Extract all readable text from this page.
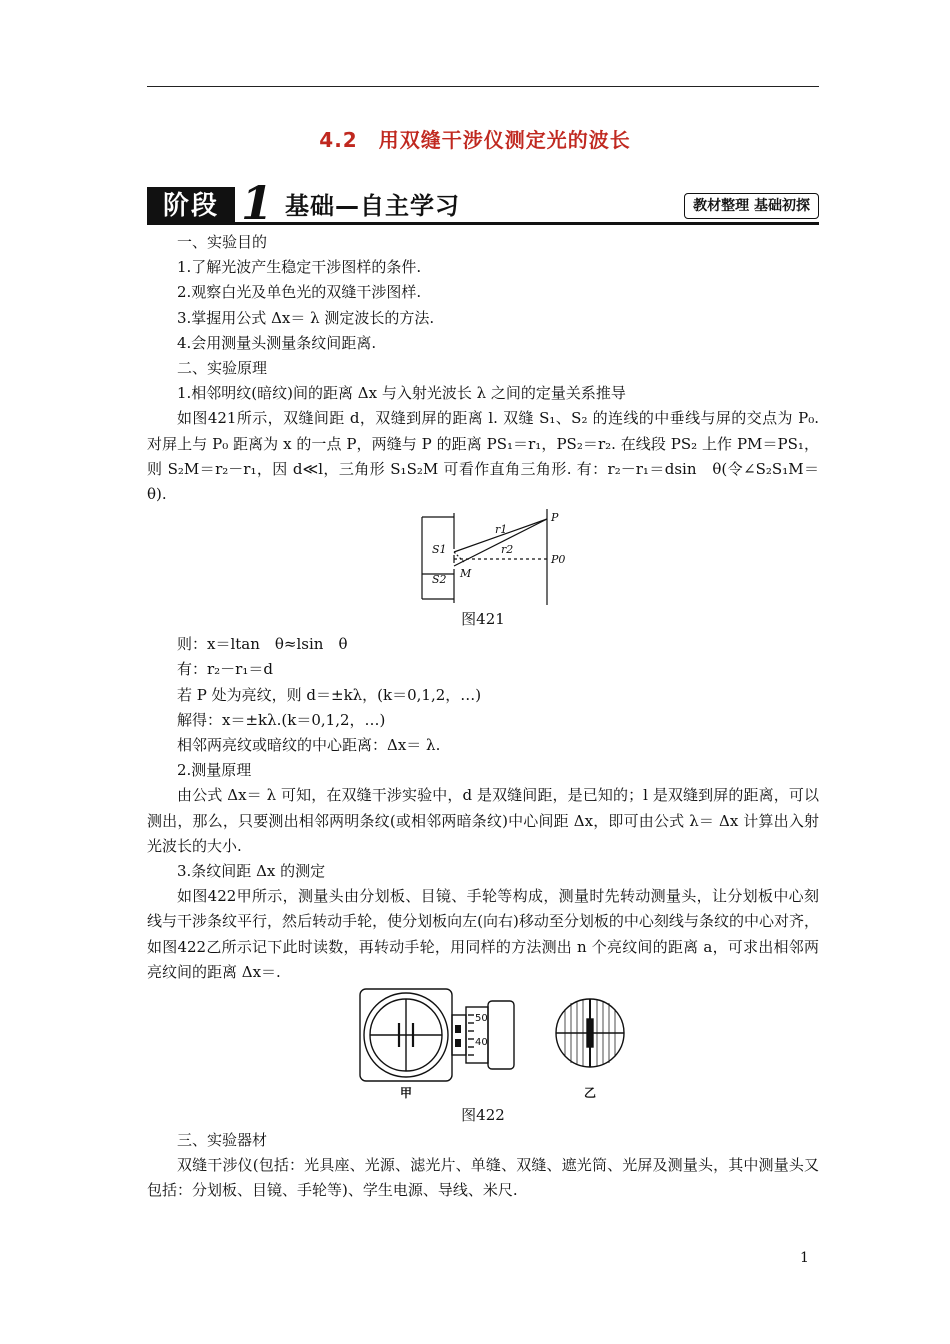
4.2　用双缝干涉仪测定光的波长
阶段 1 基础—自主学习	教材整理 基础初探

一、实验目的

1.了解光波产生稳定干涉图样的条件.

2.观察白光及单色光的双缝干涉图样.

3.掌握用公式 Δx＝ λ 测定波长的方法.

4.会用测量头测量条纹间距离.

二、实验原理

1.相邻明纹(暗纹)间的距离 Δx 与入射光波长 λ 之间的定量关系推导

如图421所示，双缝间距 d，双缝到屏的距离 l. 双缝 S₁、S₂ 的连线的中垂线与屏的交点为 P₀. 对屏上与 P₀ 距离为 x 的一点 P，两缝与 P 的距离 PS₁＝r₁，PS₂＝r₂. 在线段 PS₂ 上作 PM＝PS₁，则 S₂M＝r₂－r₁，因 d≪l，三角形 S₁S₂M 可看作直角三角形. 有：r₂－r₁＝dsin　θ(令∠S₂S₁M＝ θ).

P
P0
S1
S2 M
r1
r2
图421

则：x＝ltan　θ≈lsin　θ

有：r₂－r₁＝d

若 P 处为亮纹，则 d＝±kλ，(k＝0,1,2，…)

解得：x＝±kλ.(k＝0,1,2，…)

相邻两亮纹或暗纹的中心距离：Δx＝ λ.

2.测量原理

由公式 Δx＝ λ 可知，在双缝干涉实验中，d 是双缝间距，是已知的；l 是双缝到屏的距离，可以测出，那么，只要测出相邻两明条纹(或相邻两暗条纹)中心间距 Δx，即可由公式 λ＝ Δx 计算出入射光波长的大小.

3.条纹间距 Δx 的测定

如图422甲所示，测量头由分划板、目镜、手轮等构成，测量时先转动测量头，让分划板中心刻线与干涉条纹平行，然后转动手轮，使分划板向左(向右)移动至分划板的中心刻线与条纹的中心对齐，如图422乙所示记下此时读数，再转动手轮，用同样的方法测出 n 个亮纹间的距离 a，可求出相邻两亮纹间的距离 Δx＝.

50
40
甲	乙
图422

三、实验器材

双缝干涉仪(包括：光具座、光源、滤光片、单缝、双缝、遮光筒、光屏及测量头，其中测量头又包括：分划板、目镜、手轮等)、学生电源、导线、米尺.

1
